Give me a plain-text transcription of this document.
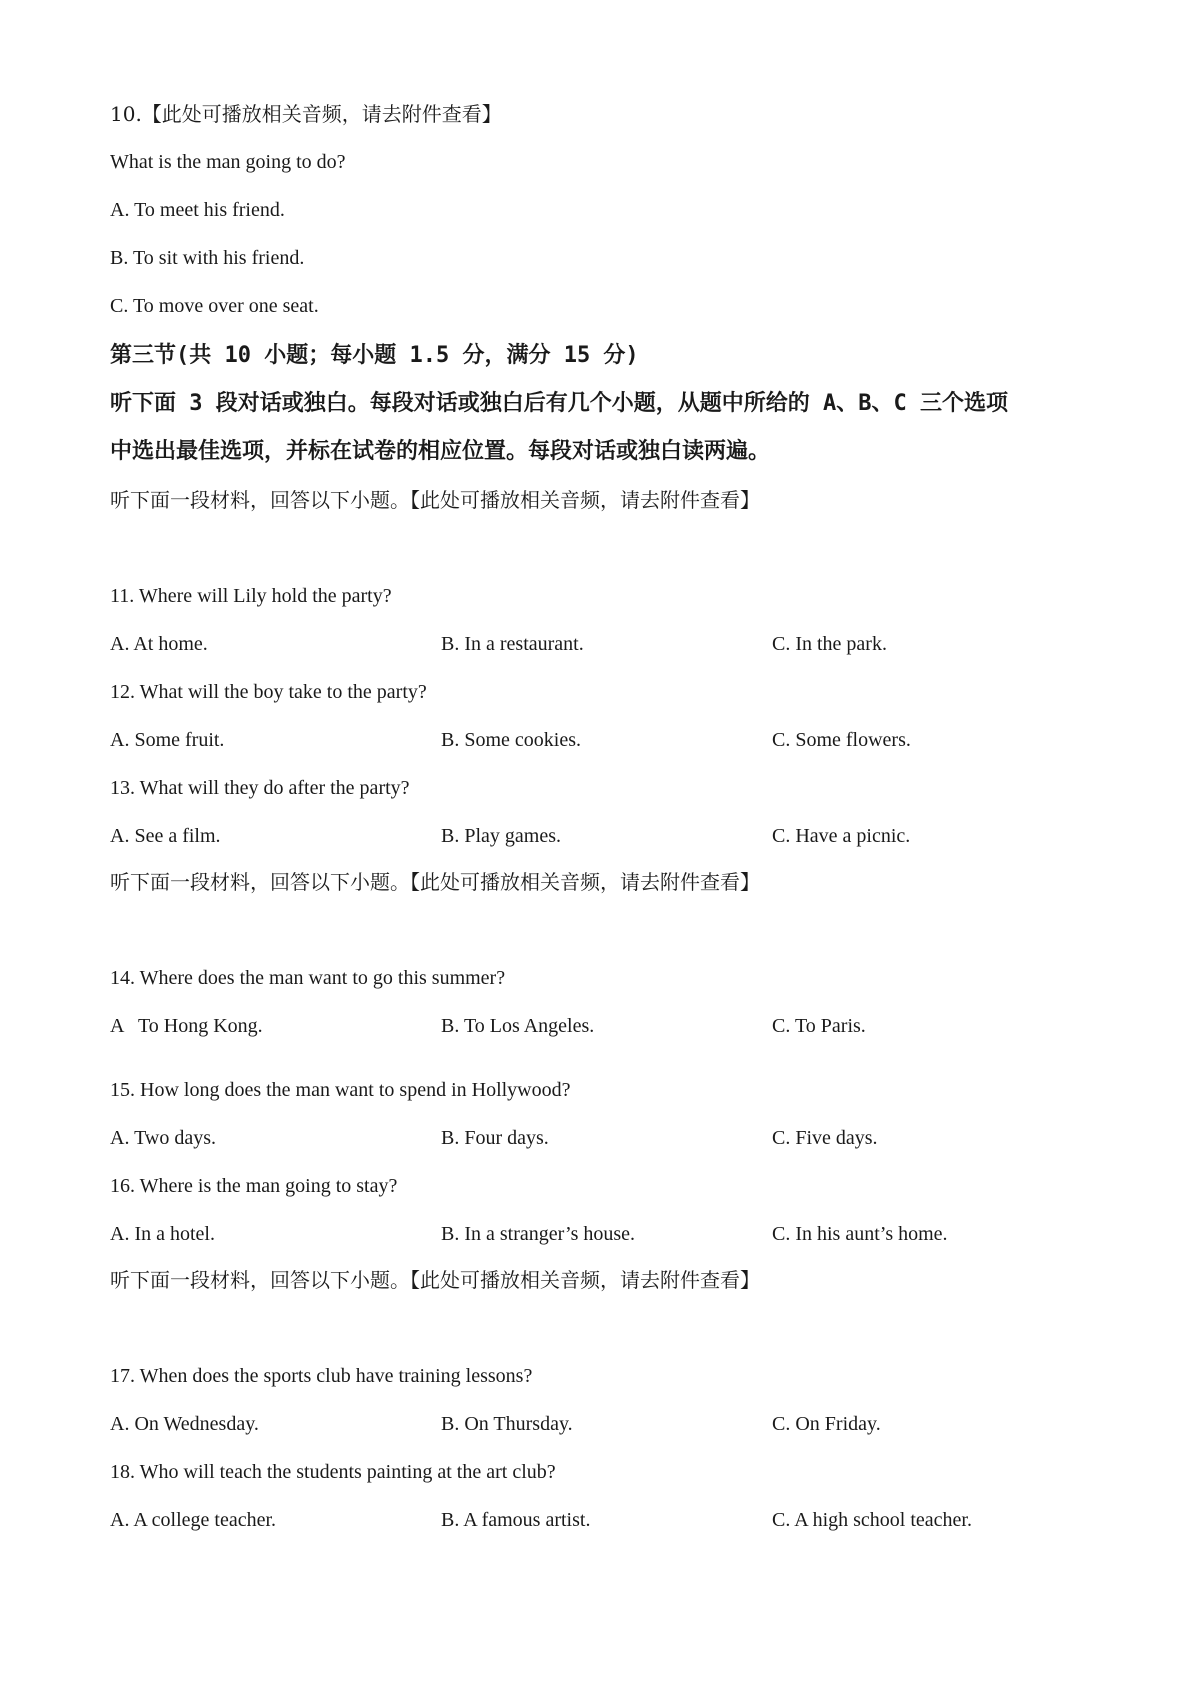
10.【此处可播放相关音频，请去附件查看】
What is the man going to do?
A. To meet his friend.
B. To sit with his friend.
C. To move over one seat.
第三节(共 10 小题；每小题 1.5 分，满分 15 分)
听下面 3 段对话或独白。每段对话或独白后有几个小题，从题中所给的 A、B、C 三个选项
中选出最佳选项，并标在试卷的相应位置。每段对话或独白读两遍。
听下面一段材料，回答以下小题。【此处可播放相关音频，请去附件查看】
11. Where will Lily hold the party?
A. At home.	B. In a restaurant.	C. In the park.
12. What will the boy take to the party?
A. Some fruit.	B. Some cookies.	C. Some flowers.
13. What will they do after the party?
A. See a film.	B. Play games.	C. Have a picnic.
听下面一段材料，回答以下小题。【此处可播放相关音频，请去附件查看】
14. Where does the man want to go this summer?
A   To Hong Kong.	B. To Los Angeles.	C. To Paris.
15. How long does the man want to spend in Hollywood?
A. Two days.	B. Four days.	C. Five days.
16. Where is the man going to stay?
A. In a hotel.	B. In a stranger’s house.	C. In his aunt’s home.
听下面一段材料，回答以下小题。【此处可播放相关音频，请去附件查看】
17. When does the sports club have training lessons?
A. On Wednesday.	B. On Thursday.	C. On Friday.
18. Who will teach the students painting at the art club?
A. A college teacher.	B. A famous artist.	C. A high school teacher.
